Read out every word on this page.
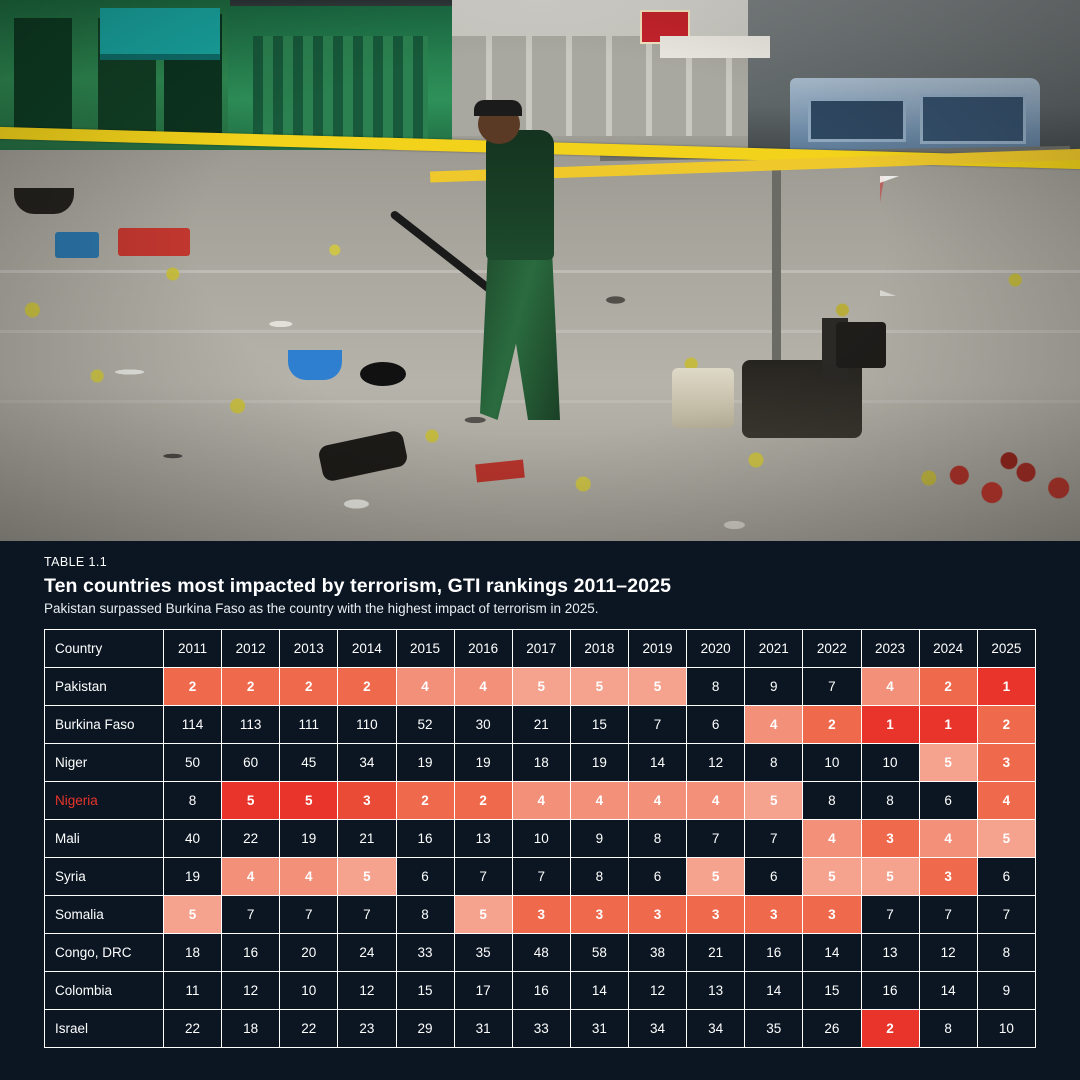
TABLE 1.1
Ten countries most impacted by terrorism, GTI rankings 2011–2025
Pakistan surpassed Burkina Faso as the country with the highest impact of terrorism in 2025.
Country	2011	2012	2013	2014	2015	2016	2017	2018	2019	2020	2021	2022	2023	2024	2025
Pakistan	2	2	2	2	4	4	5	5	5	8	9	7	4	2	1
Burkina Faso	114	113	111	110	52	30	21	15	7	6	4	2	1	1	2
Niger	50	60	45	34	19	19	18	19	14	12	8	10	10	5	3
Nigeria	8	5	5	3	2	2	4	4	4	4	5	8	8	6	4
Mali	40	22	19	21	16	13	10	9	8	7	7	4	3	4	5
Syria	19	4	4	5	6	7	7	8	6	5	6	5	5	3	6
Somalia	5	7	7	7	8	5	3	3	3	3	3	3	7	7	7
Congo, DRC	18	16	20	24	33	35	48	58	38	21	16	14	13	12	8
Colombia	11	12	10	12	15	17	16	14	12	13	14	15	16	14	9
Israel	22	18	22	23	29	31	33	31	34	34	35	26	2	8	10
